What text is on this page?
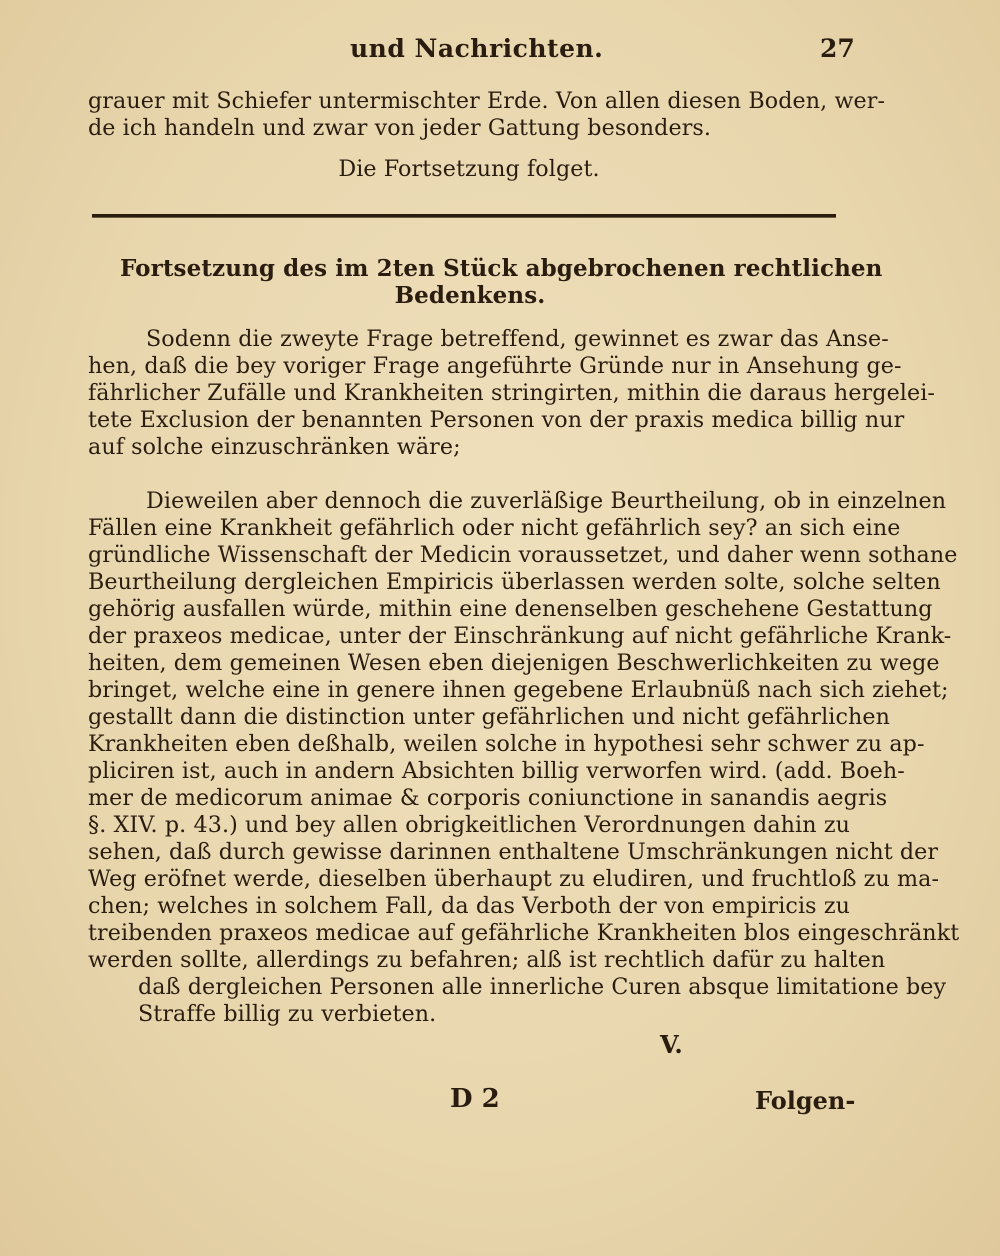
und Nachrichten.	27
grauer mit Schiefer untermischter Erde. Von allen diesen Boden, wer-
de ich handeln und zwar von jeder Gattung besonders.
Die Fortsetzung folget.
Fortsetzung des im 2ten Stück abgebrochenen rechtlichen
Bedenkens.
Sodenn die zweyte Frage betreffend, gewinnet es zwar das Anse-
hen, daß die bey voriger Frage angeführte Gründe nur in Ansehung ge-
fährlicher Zufälle und Krankheiten stringirten, mithin die daraus hergelei-
tete Exclusion der benannten Personen von der praxis medica billig nur
auf solche einzuschränken wäre;
Dieweilen aber dennoch die zuverläßige Beurtheilung, ob in einzelnen
Fällen eine Krankheit gefährlich oder nicht gefährlich sey? an sich eine
gründliche Wissenschaft der Medicin voraussetzet, und daher wenn sothane
Beurtheilung dergleichen Empiricis überlassen werden solte, solche selten
gehörig ausfallen würde, mithin eine denenselben geschehene Gestattung
der praxeos medicae, unter der Einschränkung auf nicht gefährliche Krank-
heiten, dem gemeinen Wesen eben diejenigen Beschwerlichkeiten zu wege
bringet, welche eine in genere ihnen gegebene Erlaubnüß nach sich ziehet;
gestallt dann die distinction unter gefährlichen und nicht gefährlichen
Krankheiten eben deßhalb, weilen solche in hypothesi sehr schwer zu ap-
pliciren ist, auch in andern Absichten billig verworfen wird. (add. Boeh-
mer de medicorum animae & corporis coniunctione in sanandis aegris
§. XIV. p. 43.) und bey allen obrigkeitlichen Verordnungen dahin zu
sehen, daß durch gewisse darinnen enthaltene Umschränkungen nicht der
Weg eröfnet werde, dieselben überhaupt zu eludiren, und fruchtloß zu ma-
chen; welches in solchem Fall, da das Verboth der von empiricis zu
treibenden praxeos medicae auf gefährliche Krankheiten blos eingeschränkt
werden sollte, allerdings zu befahren; alß ist rechtlich dafür zu halten
daß dergleichen Personen alle innerliche Curen absque limitatione bey
Straffe billig zu verbieten.
V.
D 2	Folgen-
